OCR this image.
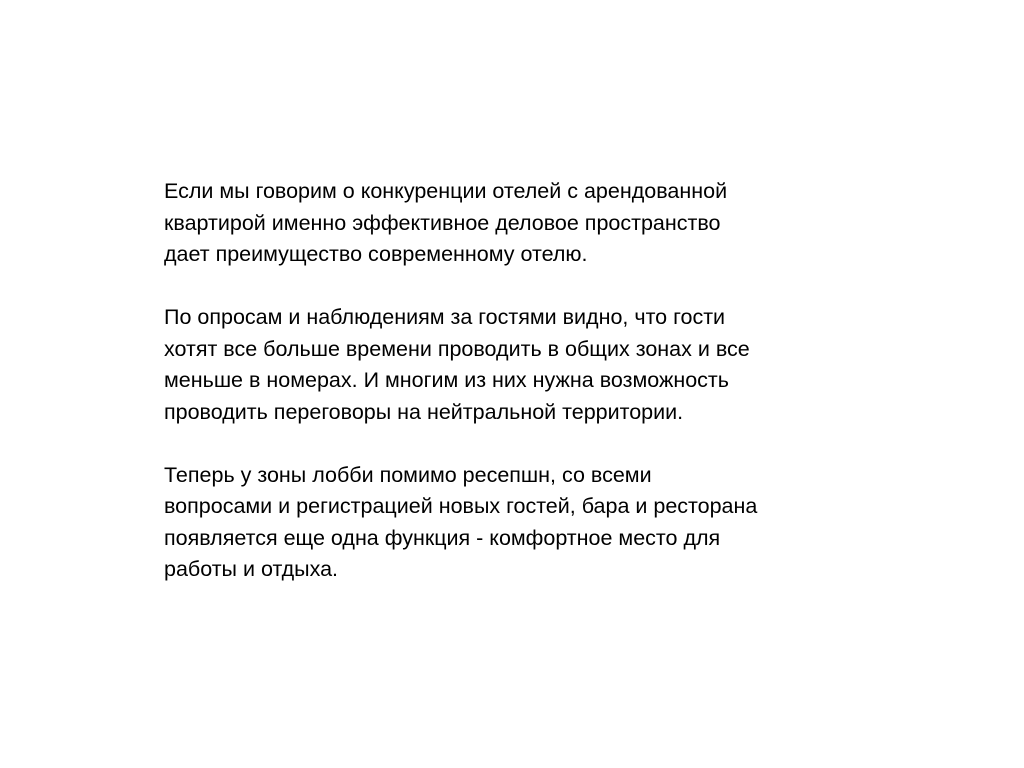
Если мы говорим о конкуренции отелей с арендованной
квартирой именно эффективное деловое пространство
дает преимущество современному отелю.
По опросам и наблюдениям за гостями видно, что гости
хотят все больше времени проводить в общих зонах и все
меньше в номерах. И многим из них нужна возможность
проводить переговоры на нейтральной территории.
Теперь у зоны лобби помимо ресепшн, со всеми
вопросами и регистрацией новых гостей, бара и ресторана
появляется еще одна функция - комфортное место для
работы и отдыха.
